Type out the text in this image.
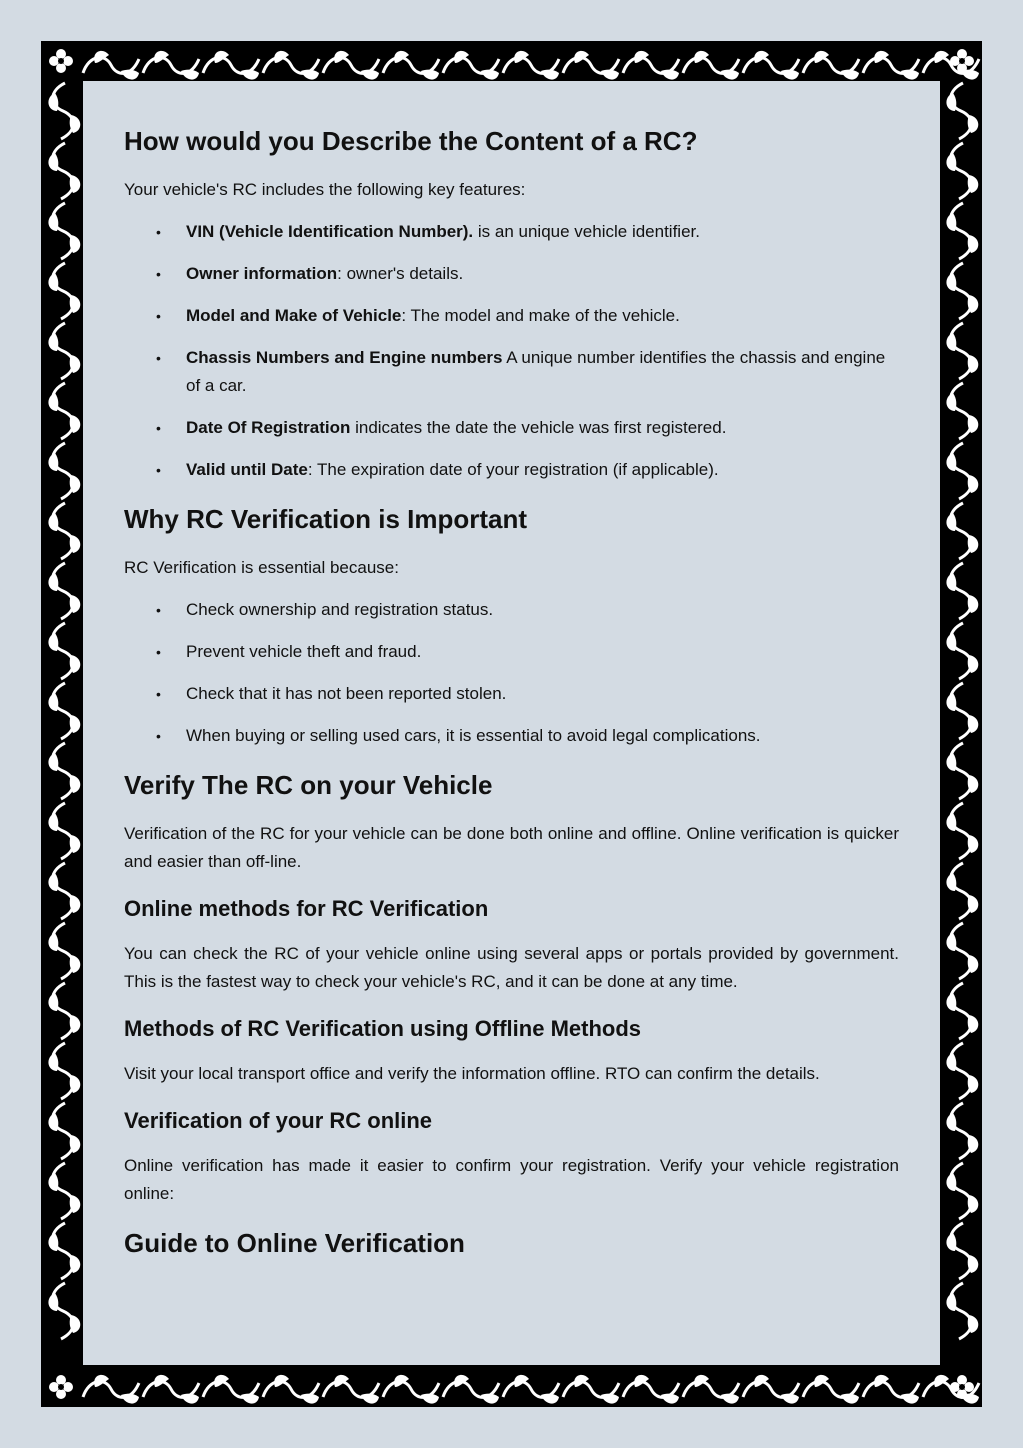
How would you Describe the Content of a RC?

Your vehicle's RC includes the following key features:

• VIN (Vehicle Identification Number). is an unique vehicle identifier.
• Owner information: owner's details.
• Model and Make of Vehicle: The model and make of the vehicle.
• Chassis Numbers and Engine numbers A unique number identifies the chassis and engine of a car.
• Date Of Registration indicates the date the vehicle was first registered.
• Valid until Date: The expiration date of your registration (if applicable).
Why RC Verification is Important

RC Verification is essential because:

• Check ownership and registration status.
• Prevent vehicle theft and fraud.
• Check that it has not been reported stolen.
• When buying or selling used cars, it is essential to avoid legal complications.
Verify The RC on your Vehicle

Verification of the RC for your vehicle can be done both online and offline. Online verification is quicker and easier than off-line.

Online methods for RC Verification

You can check the RC of your vehicle online using several apps or portals provided by government. This is the fastest way to check your vehicle's RC, and it can be done at any time.

Methods of RC Verification using Offline Methods

Visit your local transport office and verify the information offline. RTO can confirm the details.

Verification of your RC online

Online verification has made it easier to confirm your registration. Verify your vehicle registration online:

Guide to Online Verification
